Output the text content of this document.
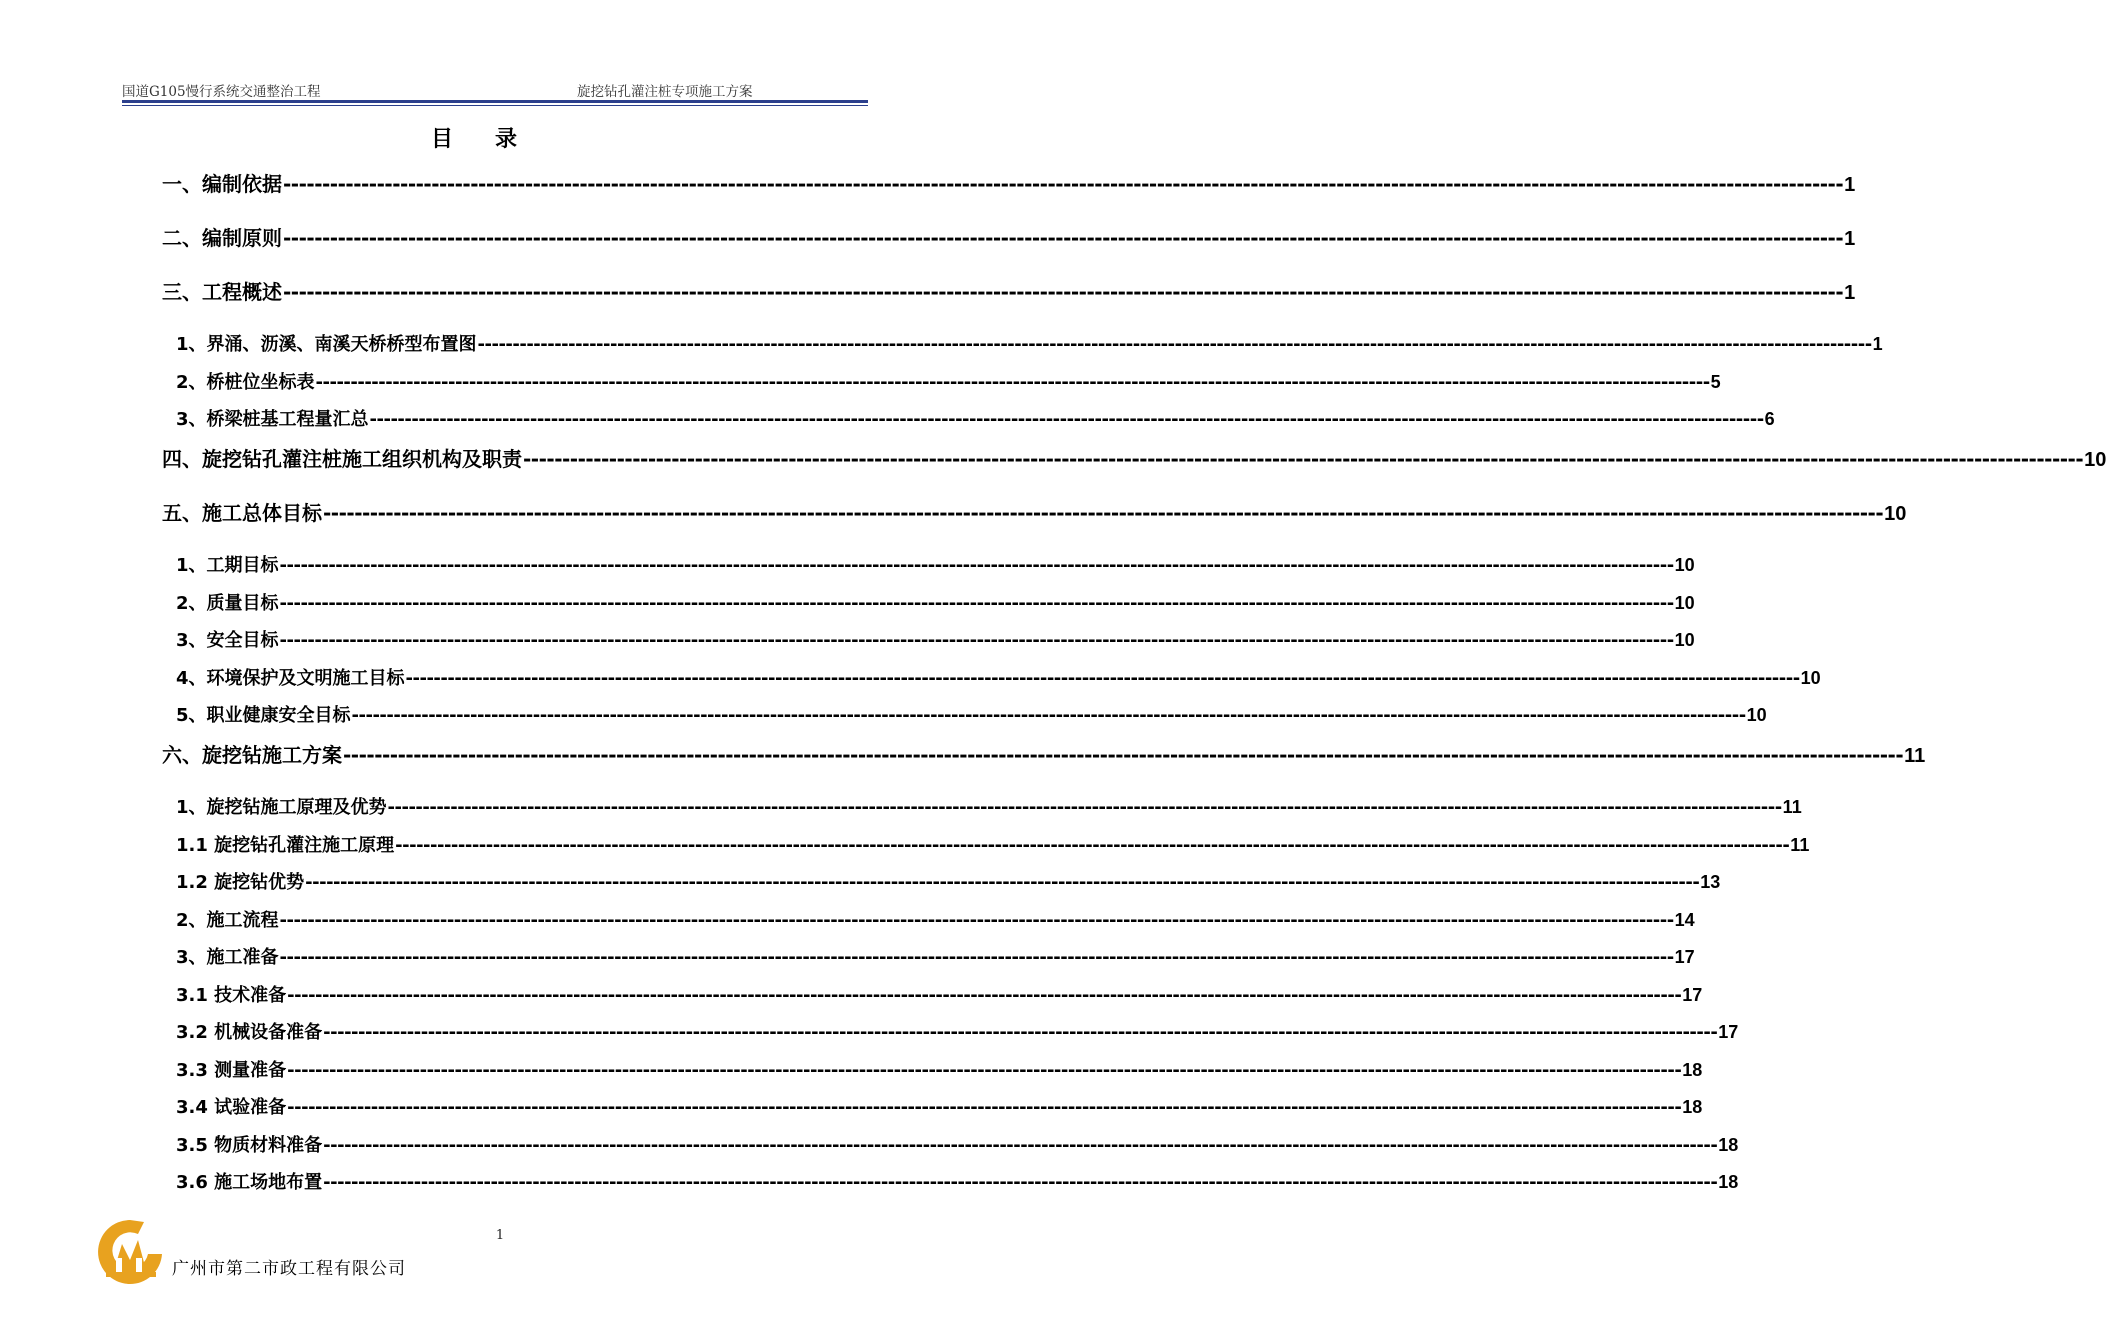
国道G105慢行系统交通整治工程	旋挖钻孔灌注桩专项施工方案
目 录
一、编制依据 -------------------------------------------------------------------------------------------------------------------------------------------------------------------------------------------------------- 1
二、编制原则 -------------------------------------------------------------------------------------------------------------------------------------------------------------------------------------------------------- 1
三、工程概述 -------------------------------------------------------------------------------------------------------------------------------------------------------------------------------------------------------- 1
1、界涌、沥溪、南溪天桥桥型布置图 -------------------------------------------------------------------------------------------------------------------------------------------------------------------------------------------------------- 1
2、桥桩位坐标表 -------------------------------------------------------------------------------------------------------------------------------------------------------------------------------------------------------- 5
3、桥梁桩基工程量汇总 -------------------------------------------------------------------------------------------------------------------------------------------------------------------------------------------------------- 6
四、旋挖钻孔灌注桩施工组织机构及职责 -------------------------------------------------------------------------------------------------------------------------------------------------------------------------------------------------------- 10
五、施工总体目标 -------------------------------------------------------------------------------------------------------------------------------------------------------------------------------------------------------- 10
1、工期目标 -------------------------------------------------------------------------------------------------------------------------------------------------------------------------------------------------------- 10
2、质量目标 -------------------------------------------------------------------------------------------------------------------------------------------------------------------------------------------------------- 10
3、安全目标 -------------------------------------------------------------------------------------------------------------------------------------------------------------------------------------------------------- 10
4、环境保护及文明施工目标 -------------------------------------------------------------------------------------------------------------------------------------------------------------------------------------------------------- 10
5、职业健康安全目标 -------------------------------------------------------------------------------------------------------------------------------------------------------------------------------------------------------- 10
六、旋挖钻施工方案 -------------------------------------------------------------------------------------------------------------------------------------------------------------------------------------------------------- 11
1、旋挖钻施工原理及优势 -------------------------------------------------------------------------------------------------------------------------------------------------------------------------------------------------------- 11
1.1 旋挖钻孔灌注施工原理 -------------------------------------------------------------------------------------------------------------------------------------------------------------------------------------------------------- 11
1.2 旋挖钻优势 -------------------------------------------------------------------------------------------------------------------------------------------------------------------------------------------------------- 13
2、施工流程 -------------------------------------------------------------------------------------------------------------------------------------------------------------------------------------------------------- 14
3、施工准备 -------------------------------------------------------------------------------------------------------------------------------------------------------------------------------------------------------- 17
3.1 技术准备 -------------------------------------------------------------------------------------------------------------------------------------------------------------------------------------------------------- 17
3.2 机械设备准备 -------------------------------------------------------------------------------------------------------------------------------------------------------------------------------------------------------- 17
3.3 测量准备 -------------------------------------------------------------------------------------------------------------------------------------------------------------------------------------------------------- 18
3.4 试验准备 -------------------------------------------------------------------------------------------------------------------------------------------------------------------------------------------------------- 18
3.5 物质材料准备 -------------------------------------------------------------------------------------------------------------------------------------------------------------------------------------------------------- 18
3.6 施工场地布置 -------------------------------------------------------------------------------------------------------------------------------------------------------------------------------------------------------- 18
1
广州市第二市政工程有限公司
